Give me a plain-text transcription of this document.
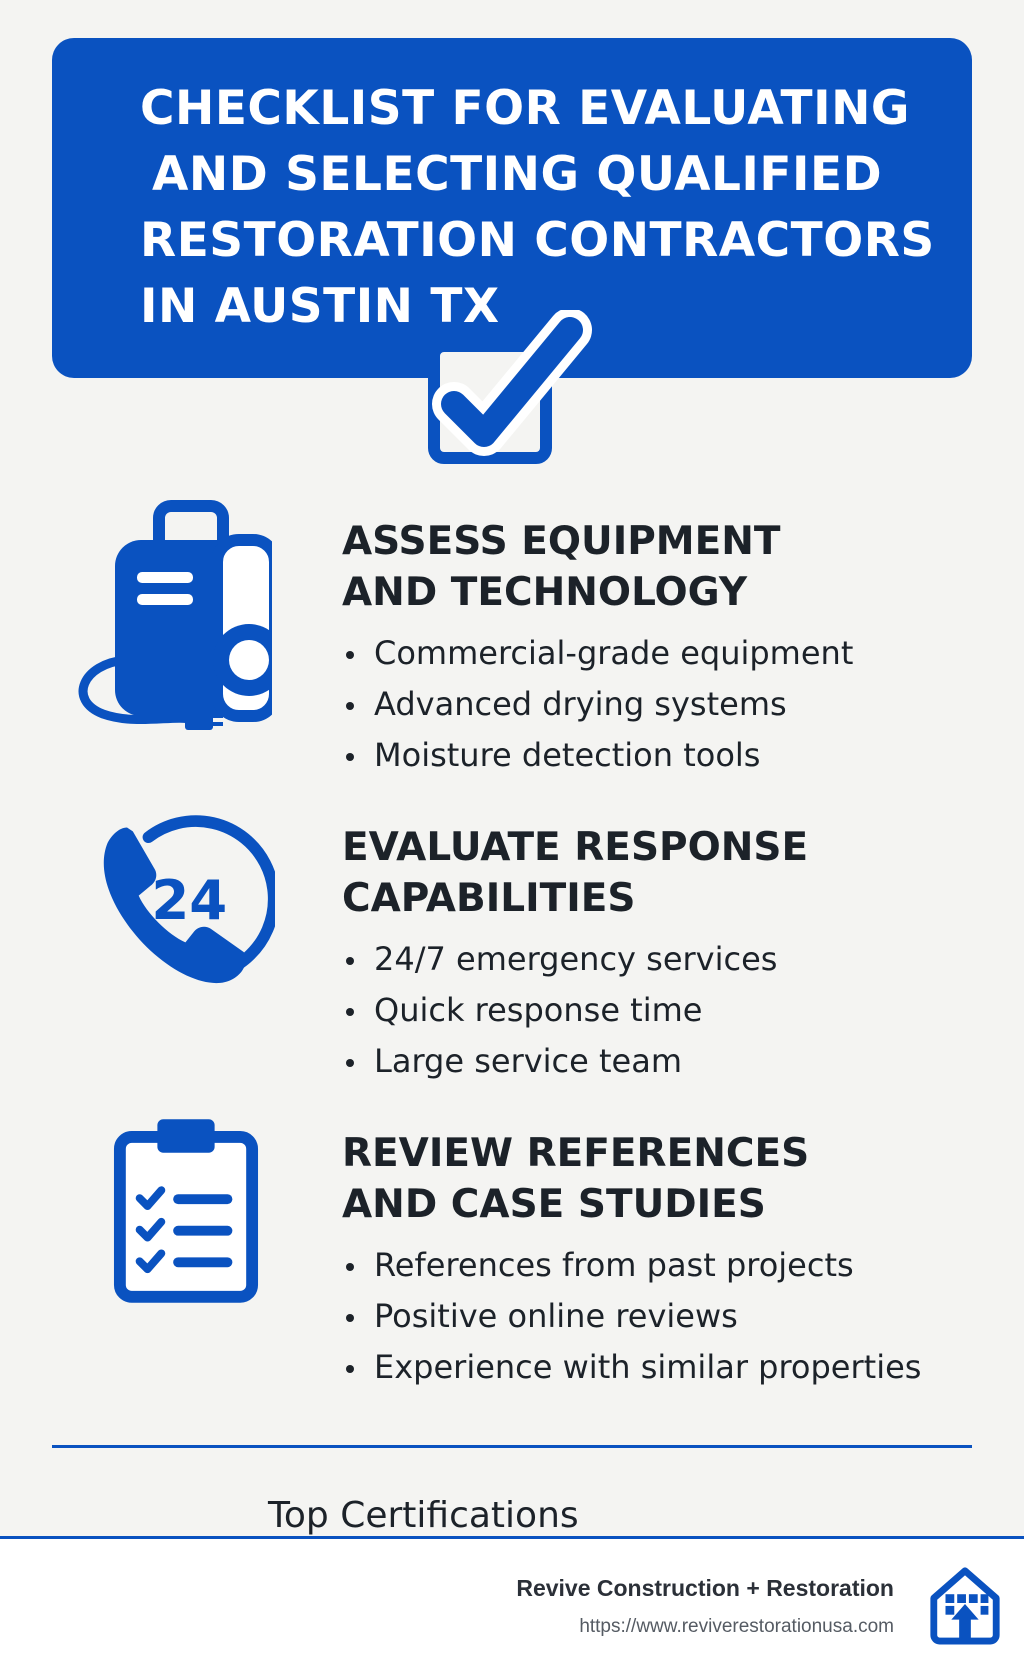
CHECKLIST FOR EVALUATING
AND SELECTING QUALIFIED
RESTORATION CONTRACTORS
IN AUSTIN TX
ASSESS EQUIPMENT
AND TECHNOLOGY
Commercial-grade equipment
Advanced drying systems
Moisture detection tools
24
EVALUATE RESPONSE
CAPABILITIES
24/7 emergency services
Quick response time
Large service team
REVIEW REFERENCES
AND CASE STUDIES
References from past projects
Positive online reviews
Experience with similar properties
Top Certifications
Revive Construction + Restoration
https://www.reviverestorationusa.com
